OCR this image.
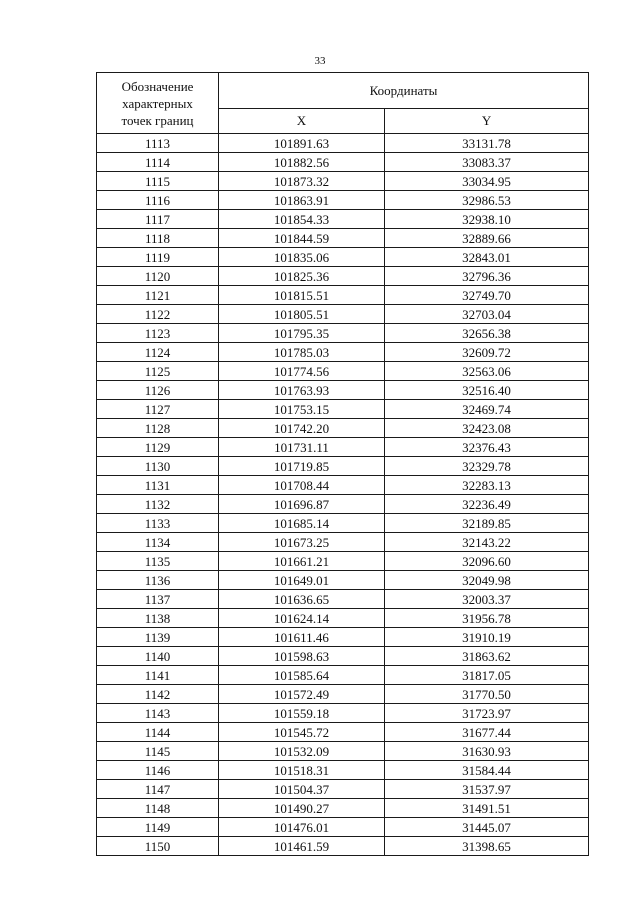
33
Обозначение
характерных
точек границ	Координаты	
	X	Y
1113	101891.63	33131.78
1114	101882.56	33083.37
1115	101873.32	33034.95
1116	101863.91	32986.53
1117	101854.33	32938.10
1118	101844.59	32889.66
1119	101835.06	32843.01
1120	101825.36	32796.36
1121	101815.51	32749.70
1122	101805.51	32703.04
1123	101795.35	32656.38
1124	101785.03	32609.72
1125	101774.56	32563.06
1126	101763.93	32516.40
1127	101753.15	32469.74
1128	101742.20	32423.08
1129	101731.11	32376.43
1130	101719.85	32329.78
1131	101708.44	32283.13
1132	101696.87	32236.49
1133	101685.14	32189.85
1134	101673.25	32143.22
1135	101661.21	32096.60
1136	101649.01	32049.98
1137	101636.65	32003.37
1138	101624.14	31956.78
1139	101611.46	31910.19
1140	101598.63	31863.62
1141	101585.64	31817.05
1142	101572.49	31770.50
1143	101559.18	31723.97
1144	101545.72	31677.44
1145	101532.09	31630.93
1146	101518.31	31584.44
1147	101504.37	31537.97
1148	101490.27	31491.51
1149	101476.01	31445.07
1150	101461.59	31398.65
